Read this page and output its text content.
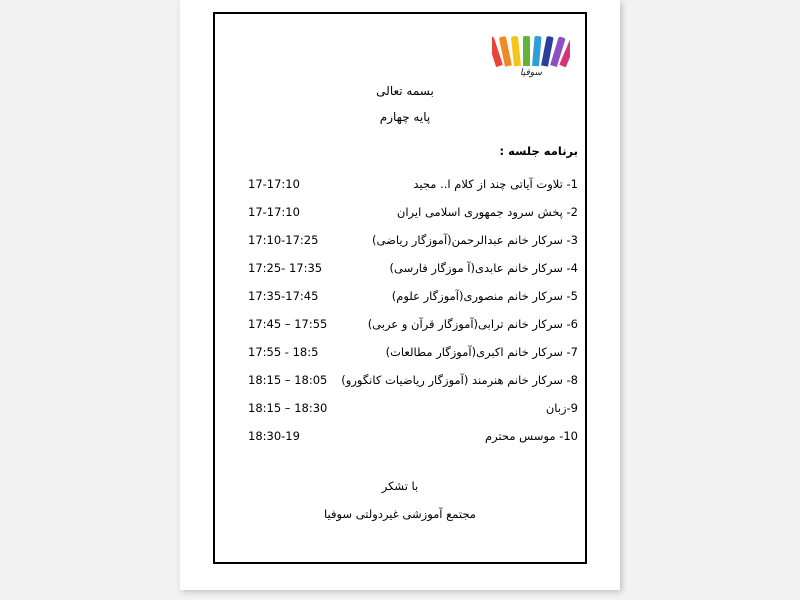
سوفیا
بسمه تعالی
پایه چهارم
برنامه جلسه :
1- تلاوت آیاتی چند از کلام ا.. مجید
17-17:10
2- پخش سرود جمهوری اسلامی ایران
17-17:10
3- سرکار خانم عبدالرحمن(آموزگار ریاضی)
17:10-17:25
4- سرکار خانم عابدی(آ موزگار فارسی)
17:25- 17:35
5- سرکار خانم منصوری(آموزگار علوم)
17:35-17:45
6- سرکار خانم ترابی(آموزگار قرآن و عربی)
17:45 – 17:55
7- سرکار خانم اکبری(آموزگار مطالعات)
17:55 - 18:5
8- سرکار خانم هنرمند (آموزگار ریاضیات کانگورو)
18:15 – 18:05
9-زبان
18:15 – 18:30
10- موسس محترم
18:30-19
با تشکر
مجتمع آموزشی غیردولتی سوفیا
